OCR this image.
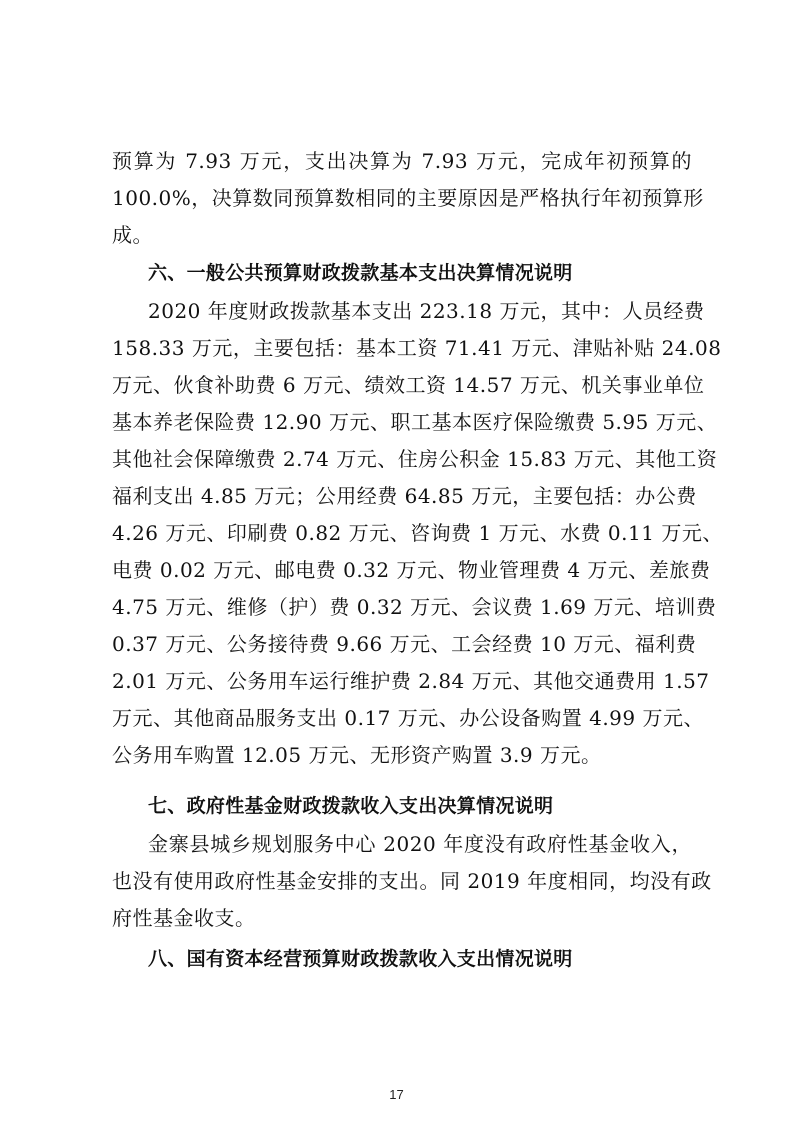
预算为 7.93 万元，支出决算为 7.93 万元，完成年初预算的
100.0%，决算数同预算数相同的主要原因是严格执行年初预算形
成。
六、一般公共预算财政拨款基本支出决算情况说明
2020 年度财政拨款基本支出 223.18 万元，其中：人员经费
158.33 万元，主要包括：基本工资 71.41 万元、津贴补贴 24.08
万元、伙食补助费 6 万元、绩效工资 14.57 万元、机关事业单位
基本养老保险费 12.90 万元、职工基本医疗保险缴费 5.95 万元、
其他社会保障缴费 2.74 万元、住房公积金 15.83 万元、其他工资
福利支出 4.85 万元；公用经费 64.85 万元，主要包括：办公费
4.26 万元、印刷费 0.82 万元、咨询费 1 万元、水费 0.11 万元、
电费 0.02 万元、邮电费 0.32 万元、物业管理费 4 万元、差旅费
4.75 万元、维修（护）费 0.32 万元、会议费 1.69 万元、培训费
0.37 万元、公务接待费 9.66 万元、工会经费 10 万元、福利费
2.01 万元、公务用车运行维护费 2.84 万元、其他交通费用 1.57
万元、其他商品服务支出 0.17 万元、办公设备购置 4.99 万元、
公务用车购置 12.05 万元、无形资产购置 3.9 万元。
七、政府性基金财政拨款收入支出决算情况说明
金寨县城乡规划服务中心 2020 年度没有政府性基金收入，
也没有使用政府性基金安排的支出。同 2019 年度相同，均没有政
府性基金收支。
八、国有资本经营预算财政拨款收入支出情况说明
17
